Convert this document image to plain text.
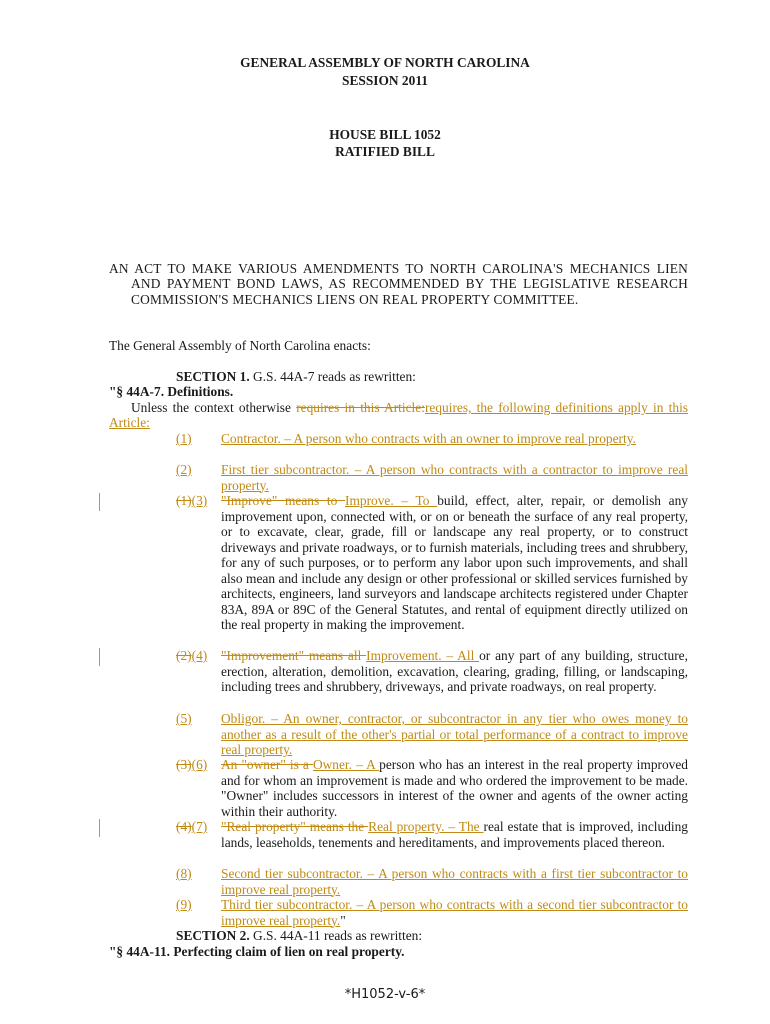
GENERAL ASSEMBLY OF NORTH CAROLINA
SESSION 2011
HOUSE BILL 1052
RATIFIED BILL
AN ACT TO MAKE VARIOUS AMENDMENTS TO NORTH CAROLINA'S MECHANICS LIEN AND PAYMENT BOND LAWS, AS RECOMMENDED BY THE LEGISLATIVE RESEARCH COMMISSION'S MECHANICS LIENS ON REAL PROPERTY COMMITTEE.
The General Assembly of North Carolina enacts:
SECTION 1. G.S. 44A-7 reads as rewritten:
"§ 44A-7. Definitions.
Unless the context otherwise requires in this Article:requires, the following definitions apply in this Article:
(1)	Contractor. – A person who contracts with an owner to improve real property.
(2)	First tier subcontractor. – A person who contracts with a contractor to improve real property.
(1)(3)	"Improve" means to Improve. – To build, effect, alter, repair, or demolish any improvement upon, connected with, or on or beneath the surface of any real property, or to excavate, clear, grade, fill or landscape any real property, or to construct driveways and private roadways, or to furnish materials, including trees and shrubbery, for any of such purposes, or to perform any labor upon such improvements, and shall also mean and include any design or other professional or skilled services furnished by architects, engineers, land surveyors and landscape architects registered under Chapter 83A, 89A or 89C of the General Statutes, and rental of equipment directly utilized on the real property in making the improvement.
(2)(4)	"Improvement" means all Improvement. – All or any part of any building, structure, erection, alteration, demolition, excavation, clearing, grading, filling, or landscaping, including trees and shrubbery, driveways, and private roadways, on real property.
(5)	Obligor. – An owner, contractor, or subcontractor in any tier who owes money to another as a result of the other's partial or total performance of a contract to improve real property.
(3)(6)	An "owner" is a Owner. – A person who has an interest in the real property improved and for whom an improvement is made and who ordered the improvement to be made. "Owner" includes successors in interest of the owner and agents of the owner acting within their authority.
(4)(7)	"Real property" means the Real property. – The real estate that is improved, including lands, leaseholds, tenements and hereditaments, and improvements placed thereon.
(8)	Second tier subcontractor. – A person who contracts with a first tier subcontractor to improve real property.
(9)	Third tier subcontractor. – A person who contracts with a second tier subcontractor to improve real property."
SECTION 2. G.S. 44A-11 reads as rewritten:
"§ 44A-11. Perfecting claim of lien on real property.
*H1052-v-6*
